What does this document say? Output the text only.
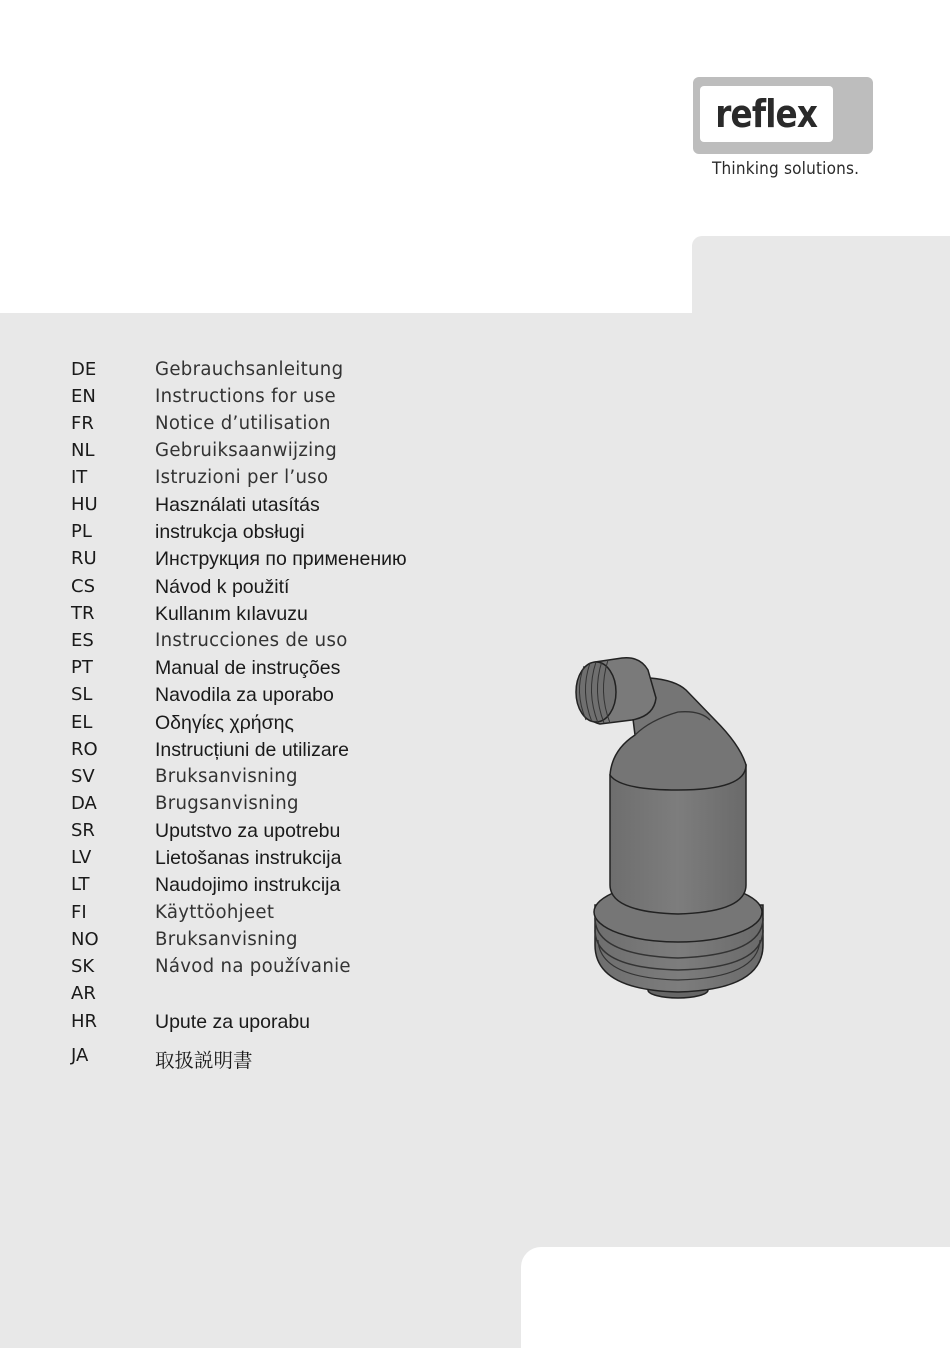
reflex
Thinking solutions.
DE	Gebrauchsanleitung
EN	Instructions for use
FR	Notice d’utilisation
NL	Gebruiksaanwijzing
IT	Istruzioni per l’uso
HU	Használati utasítás
PL	instrukcja obsługi
RU	Инструкция по применению
CS	Návod k použití
TR	Kullanım kılavuzu
ES	Instrucciones de uso
PT	Manual de instruções
SL	Navodila za uporabo
EL	Οδηγίες χρήσης
RO	Instrucțiuni de utilizare
SV	Bruksanvisning
DA	Brugsanvisning
SR	Uputstvo za upotrebu
LV	Lietošanas instrukcija
LT	Naudojimo instrukcija
FI	Käyttöohjeet
NO	Bruksanvisning
SK	Návod na používanie
AR
HR	Upute za uporabu
JA	取扱説明書
